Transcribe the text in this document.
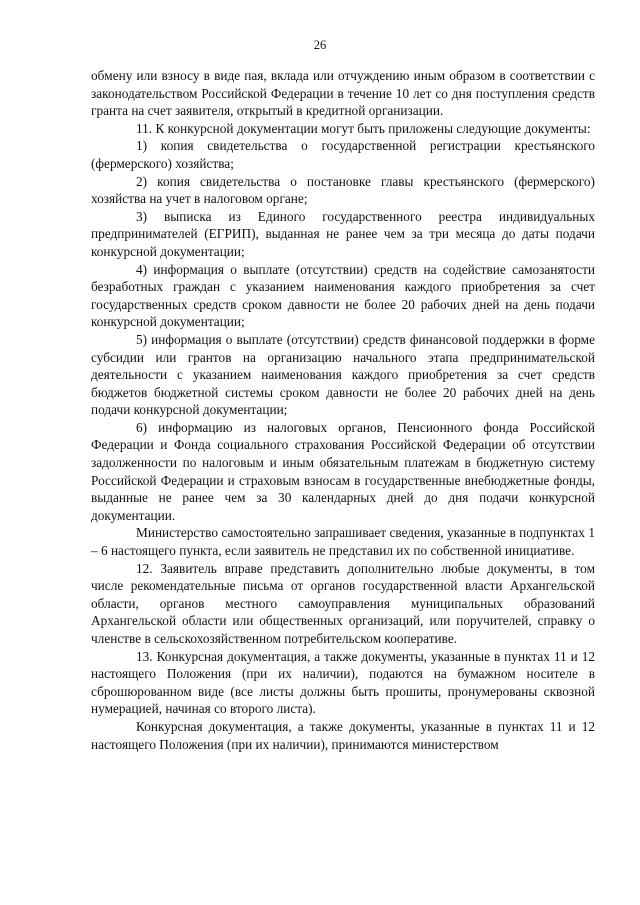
26

обмену или взносу в виде пая, вклада или отчуждению иным образом в соответствии с законодательством Российской Федерации в течение 10 лет со дня поступления средств гранта на счет заявителя, открытый в кредитной организации.

11. К конкурсной документации могут быть приложены следующие документы:

1) копия свидетельства о государственной регистрации крестьянского (фермерского) хозяйства;

2) копия свидетельства о постановке главы крестьянского (фермерского) хозяйства на учет в налоговом органе;

3) выписка из Единого государственного реестра индивидуальных предпринимателей (ЕГРИП), выданная не ранее чем за три месяца до даты подачи конкурсной документации;

4) информация о выплате (отсутствии) средств на содействие самозанятости безработных граждан с указанием наименования каждого приобретения за счет государственных средств сроком давности не более 20 рабочих дней на день подачи конкурсной документации;

5) информация о выплате (отсутствии) средств финансовой поддержки в форме субсидии или грантов на организацию начального этапа предпринимательской деятельности с указанием наименования каждого приобретения за счет средств бюджетов бюджетной системы сроком давности не более 20 рабочих дней на день подачи конкурсной документации;

6) информацию из налоговых органов, Пенсионного фонда Российской Федерации и Фонда социального страхования Российской Федерации об отсутствии задолженности по налоговым и иным обязательным платежам в бюджетную систему Российской Федерации и страховым взносам в государственные внебюджетные фонды, выданные не ранее чем за 30 календарных дней до дня подачи конкурсной документации.

Министерство самостоятельно запрашивает сведения, указанные в подпунктах 1 – 6 настоящего пункта, если заявитель не представил их по собственной инициативе.

12. Заявитель вправе представить дополнительно любые документы, в том числе рекомендательные письма от органов государственной власти Архангельской области, органов местного самоуправления муниципальных образований Архангельской области или общественных организаций, или поручителей, справку о членстве в сельскохозяйственном потребительском кооперативе.

13. Конкурсная документация, а также документы, указанные в пунктах 11 и 12 настоящего Положения (при их наличии), подаются на бумажном носителе в сброшюрованном виде (все листы должны быть прошиты, пронумерованы сквозной нумерацией, начиная со второго листа).

Конкурсная документация, а также документы, указанные в пунктах 11 и 12 настоящего Положения (при их наличии), принимаются министерством
